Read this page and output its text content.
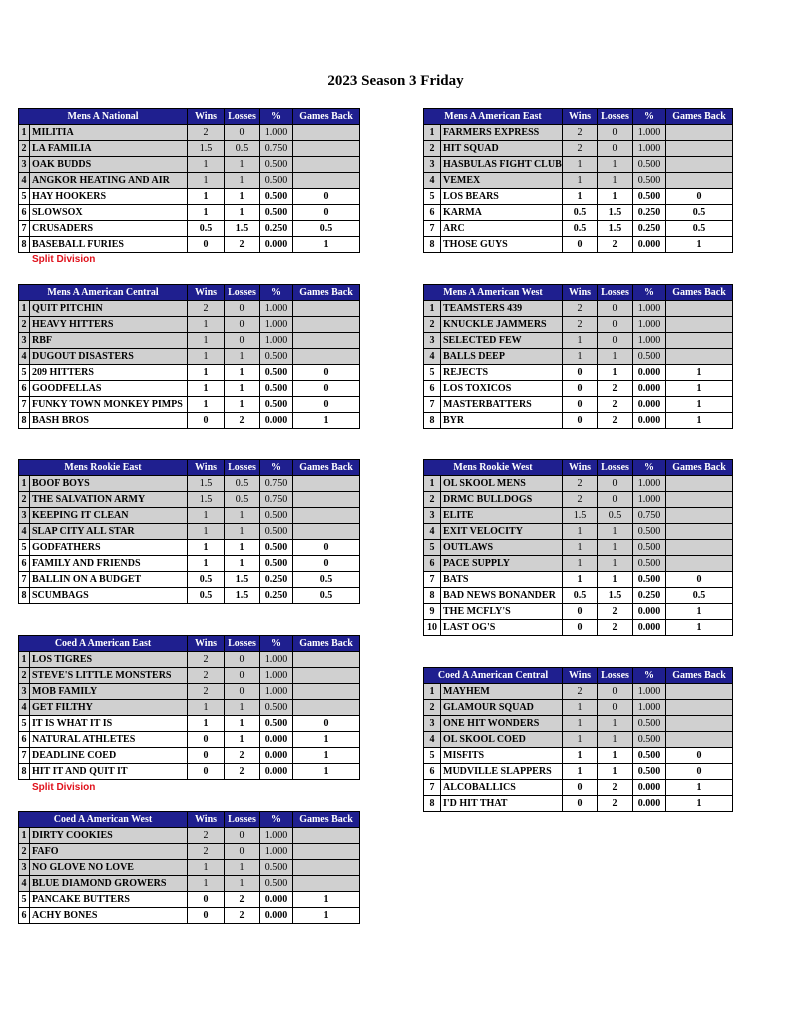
2023 Season 3 Friday
Mens A National		Wins	Losses	%	Games Back
1	MILITIA	2	0	1.000	
2	LA FAMILIA	1.5	0.5	0.750	
3	OAK BUDDS	1	1	0.500	
4	ANGKOR HEATING AND AIR	1	1	0.500	
5	HAY HOOKERS	1	1	0.500	0
6	SLOWSOX	1	1	0.500	0
7	CRUSADERS	0.5	1.5	0.250	0.5
8	BASEBALL FURIES	0	2	0.000	1
Split Division
Mens A American East		Wins	Losses	%	Games Back
1	FARMERS EXPRESS	2	0	1.000	
2	HIT SQUAD	2	0	1.000	
3	HASBULAS FIGHT CLUB	1	1	0.500	
4	VEMEX	1	1	0.500	
5	LOS BEARS	1	1	0.500	0
6	KARMA	0.5	1.5	0.250	0.5
7	ARC	0.5	1.5	0.250	0.5
8	THOSE GUYS	0	2	0.000	1
Mens A American Central		Wins	Losses	%	Games Back
1	QUIT PITCHIN	2	0	1.000	
2	HEAVY HITTERS	1	0	1.000	
3	RBF	1	0	1.000	
4	DUGOUT DISASTERS	1	1	0.500	
5	209 HITTERS	1	1	0.500	0
6	GOODFELLAS	1	1	0.500	0
7	FUNKY TOWN MONKEY PIMPS	1	1	0.500	0
8	BASH BROS	0	2	0.000	1
Mens A American West		Wins	Losses	%	Games Back
1	TEAMSTERS 439	2	0	1.000	
2	KNUCKLE JAMMERS	2	0	1.000	
3	SELECTED FEW	1	0	1.000	
4	BALLS DEEP	1	1	0.500	
5	REJECTS	0	1	0.000	1
6	LOS TOXICOS	0	2	0.000	1
7	MASTERBATTERS	0	2	0.000	1
8	BYR	0	2	0.000	1
Mens Rookie East		Wins	Losses	%	Games Back
1	BOOF BOYS	1.5	0.5	0.750	
2	THE SALVATION ARMY	1.5	0.5	0.750	
3	KEEPING IT CLEAN	1	1	0.500	
4	SLAP CITY ALL STAR	1	1	0.500	
5	GODFATHERS	1	1	0.500	0
6	FAMILY AND FRIENDS	1	1	0.500	0
7	BALLIN ON A BUDGET	0.5	1.5	0.250	0.5
8	SCUMBAGS	0.5	1.5	0.250	0.5
Mens Rookie West		Wins	Losses	%	Games Back
1	OL SKOOL MENS	2	0	1.000	
2	DRMC BULLDOGS	2	0	1.000	
3	ELITE	1.5	0.5	0.750	
4	EXIT VELOCITY	1	1	0.500	
5	OUTLAWS	1	1	0.500	
6	PACE SUPPLY	1	1	0.500	
7	BATS	1	1	0.500	0
8	BAD NEWS BONANDER	0.5	1.5	0.250	0.5
9	THE MCFLY'S	0	2	0.000	1
10	LAST OG'S	0	2	0.000	1
Coed A American East		Wins	Losses	%	Games Back
1	LOS TIGRES	2	0	1.000	
2	STEVE'S LITTLE MONSTERS	2	0	1.000	
3	MOB FAMILY	2	0	1.000	
4	GET FILTHY	1	1	0.500	
5	IT IS WHAT IT IS	1	1	0.500	0
6	NATURAL ATHLETES	0	1	0.000	1
7	DEADLINE COED	0	2	0.000	1
8	HIT IT AND QUIT IT	0	2	0.000	1
Split Division
Coed A American Central		Wins	Losses	%	Games Back
1	MAYHEM	2	0	1.000	
2	GLAMOUR SQUAD	1	0	1.000	
3	ONE HIT WONDERS	1	1	0.500	
4	OL SKOOL COED	1	1	0.500	
5	MISFITS	1	1	0.500	0
6	MUDVILLE SLAPPERS	1	1	0.500	0
7	ALCOBALLICS	0	2	0.000	1
8	I'D HIT THAT	0	2	0.000	1
Coed A American West		Wins	Losses	%	Games Back
1	DIRTY COOKIES	2	0	1.000	
2	FAFO	2	0	1.000	
3	NO GLOVE NO LOVE	1	1	0.500	
4	BLUE DIAMOND GROWERS	1	1	0.500	
5	PANCAKE BUTTERS	0	2	0.000	1
6	ACHY BONES	0	2	0.000	1
